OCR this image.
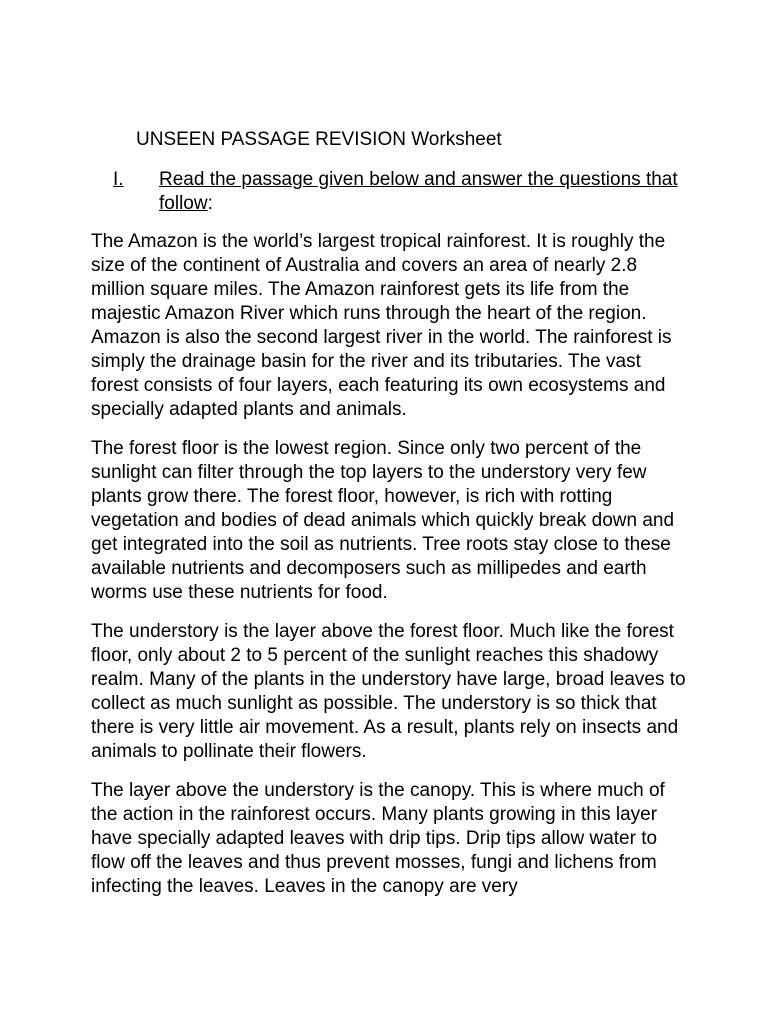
UNSEEN PASSAGE REVISION Worksheet
I. Read the passage given below and answer the questions that follow:

The Amazon is the world’s largest tropical rainforest. It is roughly the size of the continent of Australia and covers an area of nearly 2.8 million square miles. The Amazon rainforest gets its life from the majestic Amazon River which runs through the heart of the region. Amazon is also the second largest river in the world. The rainforest is simply the drainage basin for the river and its tributaries. The vast forest consists of four layers, each featuring its own ecosystems and specially adapted plants and animals.

The forest floor is the lowest region. Since only two percent of the sunlight can filter through the top layers to the understory very few plants grow there. The forest floor, however, is rich with rotting vegetation and bodies of dead animals which quickly break down and get integrated into the soil as nutrients. Tree roots stay close to these available nutrients and decomposers such as millipedes and earth worms use these nutrients for food.

The understory is the layer above the forest floor. Much like the forest floor, only about 2 to 5 percent of the sunlight reaches this shadowy realm. Many of the plants in the understory have large, broad leaves to collect as much sunlight as possible. The understory is so thick that there is very little air movement. As a result, plants rely on insects and animals to pollinate their flowers.

The layer above the understory is the canopy. This is where much of the action in the rainforest occurs. Many plants growing in this layer have specially adapted leaves with drip tips. Drip tips allow water to flow off the leaves and thus prevent mosses, fungi and lichens from infecting the leaves. Leaves in the canopy are very
